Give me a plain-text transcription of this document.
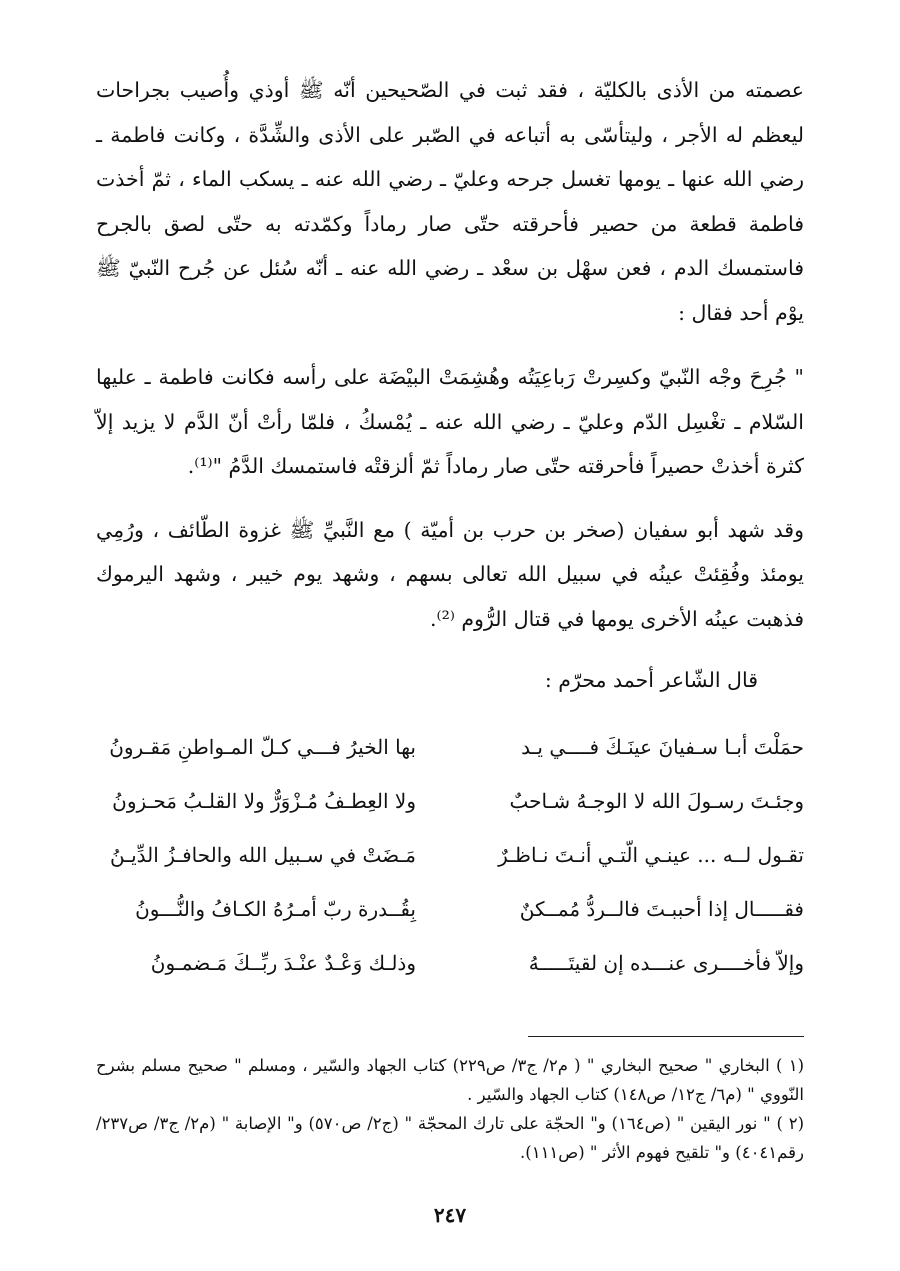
عصمته من الأذى بالكليّة ، فقد ثبت في الصّحيحين أنّه ﷺ أوذي وأُصيب بجراحات ليعظم له الأجر ، وليتأسّى به أتباعه في الصّبر على الأذى والشِّدَّة ، وكانت فاطمة ـ رضي الله عنها ـ يومها تغسل جرحه وعليّ ـ رضي الله عنه ـ يسكب الماء ، ثمّ أخذت فاطمة قطعة من حصير فأحرقته حتّى صار رماداً وكمّدته به حتّى لصق بالجرح فاستمسك الدم ، فعن سهْل بن سعْد ـ رضي الله عنه ـ أنّه سُئل عن جُرح النّبيّ ﷺ يوْم أحد فقال :

" جُرِحَ وجْه النّبيّ وكسِرتْ رَباعِيَتُه وهُشِمَتْ البيْضَة على رأسه فكانت فاطمة ـ عليها السّلام ـ تغْسِل الدّم وعليّ ـ رضي الله عنه ـ يُمْسكُ ، فلمّا رأتْ أنّ الدَّم لا يزيد إلاّ كثرة أخذتْ حصيراً فأحرقته حتّى صار رماداً ثمّ ألزقتْه فاستمسك الدَّمُ "⁽¹⁾.

وقد شهد أبو سفيان (صخر بن حرب بن أميّة ) مع النَّبيِّ ﷺ غزوة الطّائف ، ورُمِي يومئذ وفُقِئتْ عينُه في سبيل الله تعالى بسهم ، وشهد يوم خيبر ، وشهد اليرموك فذهبت عينُه الأخرى يومها في قتال الرُّوم ⁽²⁾.

قال الشّاعر أحمد محرّم :

حمَلْتَ أبـا سـفيانَ عينَـكَ فــــي يـد
بها الخيرُ فـــي كـلّ المـواطنِ مَقـرونُ
وجئـتَ رسـولَ الله لا الوجـهُ شـاحبٌ
ولا العِطـفُ مُـزْوَرٌّ ولا القلـبُ مَحـزونُ
تقـول لــه ... عينـي الّتـي أنـتَ نـاظـرٌ
مَـضَتْ في سـبيل الله والحافـزُ الدِّيـنُ
فقـــــال إذا أحببـتَ فالــردُّ مُمــكنٌ
بِقُــدرة ربّ أمـرُهُ الكـافُ والنُّـــونُ
وإلاّ فأخــــرى عنـــده إن لقيتَـــــهُ
وذلـك وَعْـدٌ عنْـدَ ربِّــكَ مَـضمـونُ

(١ ) البخاري " صحيح البخاري " ( م٢/ ج٣/ ص٢٢٩) كتاب الجهاد والسّير ، ومسلم " صحيح مسلم بشرح النّووي " (م٦/ ج١٢/ ص١٤٨) كتاب الجهاد والسّير .

(٢ ) " نور اليقين " (ص١٦٤) و" الحجّة على تارك المحجّة " (ج٢/ ص٥٧٠) و" الإصابة " (م٢/ ج٣/ ص٢٣٧/ رقم٤٠٤١) و" تلقيح فهوم الأثر " (ص١١١).

٢٤٧
